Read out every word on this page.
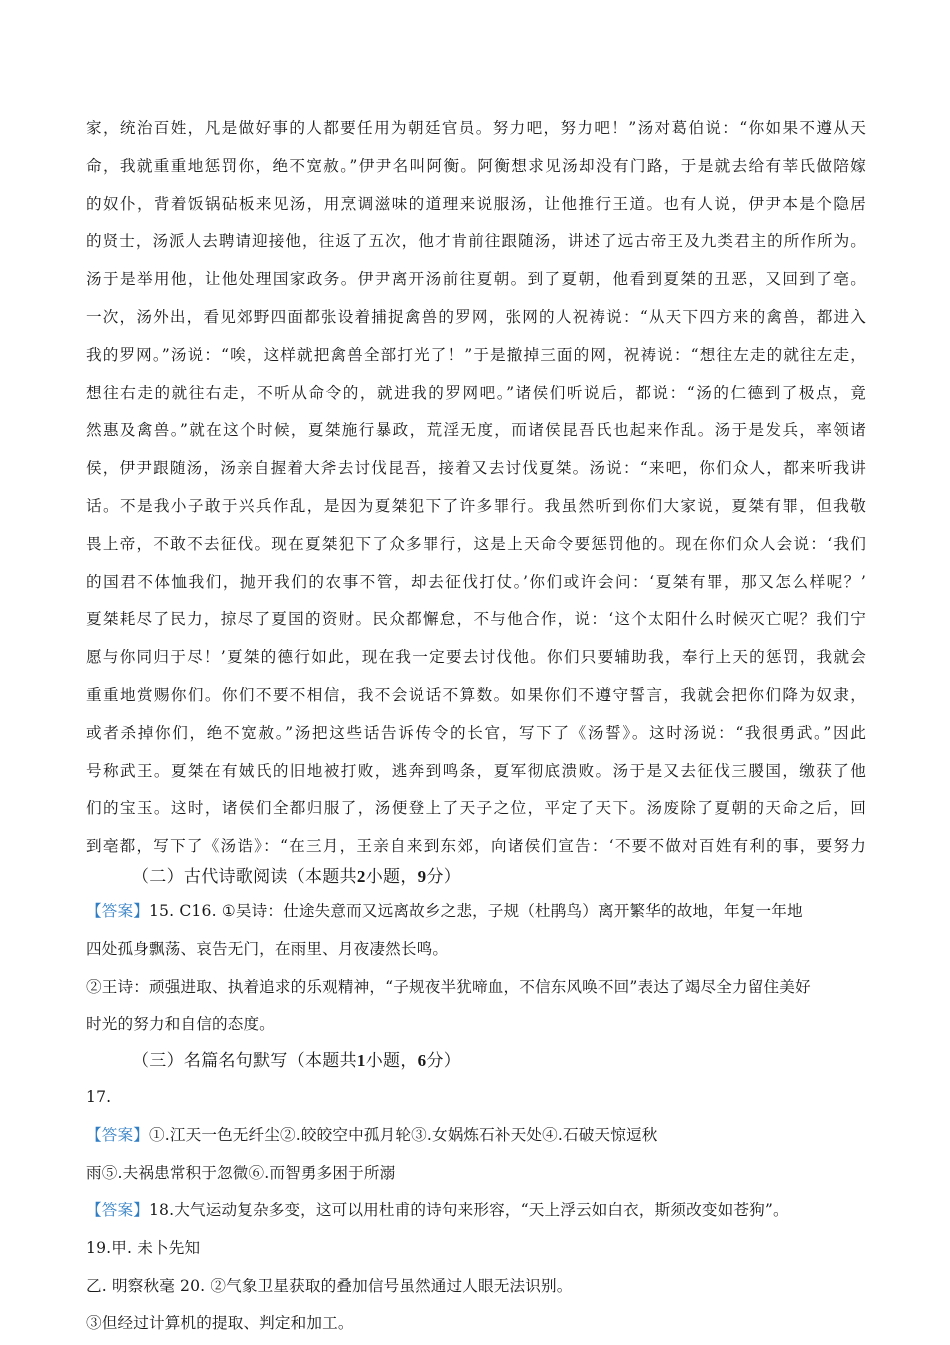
家，统治百姓，凡是做好事的人都要任用为朝廷官员。努力吧，努力吧！”汤对葛伯说：“你如果不遵从天
命，我就重重地惩罚你，绝不宽赦。”伊尹名叫阿衡。阿衡想求见汤却没有门路，于是就去给有莘氏做陪嫁
的奴仆，背着饭锅砧板来见汤，用烹调滋味的道理来说服汤，让他推行王道。也有人说，伊尹本是个隐居
的贤士，汤派人去聘请迎接他，往返了五次，他才肯前往跟随汤，讲述了远古帝王及九类君主的所作所为。
汤于是举用他，让他处理国家政务。伊尹离开汤前往夏朝。到了夏朝，他看到夏桀的丑恶，又回到了亳。
一次，汤外出，看见郊野四面都张设着捕捉禽兽的罗网，张网的人祝祷说：“从天下四方来的禽兽，都进入
我的罗网。”汤说：“唉，这样就把禽兽全部打光了！”于是撤掉三面的网，祝祷说：“想往左走的就往左走，
想往右走的就往右走，不听从命令的，就进我的罗网吧。”诸侯们听说后，都说：“汤的仁德到了极点，竟
然惠及禽兽。”就在这个时候，夏桀施行暴政，荒淫无度，而诸侯昆吾氏也起来作乱。汤于是发兵，率领诸
侯，伊尹跟随汤，汤亲自握着大斧去讨伐昆吾，接着又去讨伐夏桀。汤说：“来吧，你们众人，都来听我讲
话。不是我小子敢于兴兵作乱，是因为夏桀犯下了许多罪行。我虽然听到你们大家说，夏桀有罪，但我敬
畏上帝，不敢不去征伐。现在夏桀犯下了众多罪行，这是上天命令要惩罚他的。现在你们众人会说：‘我们
的国君不体恤我们，抛开我们的农事不管，却去征伐打仗。’你们或许会问：‘夏桀有罪，那又怎么样呢？’
夏桀耗尽了民力，掠尽了夏国的资财。民众都懈怠，不与他合作，说：‘这个太阳什么时候灭亡呢？我们宁
愿与你同归于尽！’夏桀的德行如此，现在我一定要去讨伐他。你们只要辅助我，奉行上天的惩罚，我就会
重重地赏赐你们。你们不要不相信，我不会说话不算数。如果你们不遵守誓言，我就会把你们降为奴隶，
或者杀掉你们，绝不宽赦。”汤把这些话告诉传令的长官，写下了《汤誓》。这时汤说：“我很勇武。”因此
号称武王。夏桀在有娀氏的旧地被打败，逃奔到鸣条，夏军彻底溃败。汤于是又去征伐三朡国，缴获了他
们的宝玉。这时，诸侯们全都归服了，汤便登上了天子之位，平定了天下。汤废除了夏朝的天命之后，回
到亳都，写下了《汤诰》：“在三月，王亲自来到东郊，向诸侯们宣告：‘不要不做对百姓有利的事，要努力
（二）古代诗歌阅读（本题共2小题，9分）
【答案】15. C16. ①吴诗：仕途失意而又远离故乡之悲，子规（杜鹃鸟）离开繁华的故地，年复一年地
四处孤身飘荡、哀告无门，在雨里、月夜凄然长鸣。
②王诗：顽强进取、执着追求的乐观精神，“子规夜半犹啼血，不信东风唤不回”表达了竭尽全力留住美好
时光的努力和自信的态度。
（三）名篇名句默写（本题共1小题，6分）
17.
【答案】①.江天一色无纤尘②.皎皎空中孤月轮③.女娲炼石补天处④.石破天惊逗秋
雨⑤.夫祸患常积于忽微⑥.而智勇多困于所溺
【答案】18.大气运动复杂多变，这可以用杜甫的诗句来形容，“天上浮云如白衣，斯须改变如苍狗”。
19.甲. 未卜先知
乙. 明察秋毫 20. ②气象卫星获取的叠加信号虽然通过人眼无法识别。
③但经过计算机的提取、判定和加工。
